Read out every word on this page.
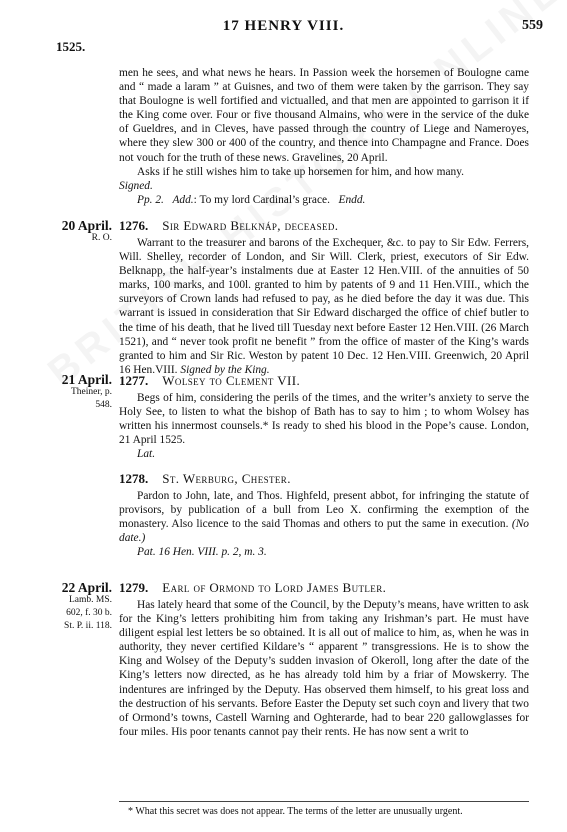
17 HENRY VIII.	559
1525.

men he sees, and what news he hears. In Passion week the horsemen of Boulogne came and “ made a laram ” at Guisnes, and two of them were taken by the garrison. They say that Boulogne is well fortified and victualled, and that men are appointed to garrison it if the King come over. Four or five thousand Almains, who were in the service of the duke of Gueldres, and in Cleves, have passed through the country of Liege and Nameroyes, where they slew 300 or 400 of the country, and thence into Champagne and France. Does not vouch for the truth of these news. Gravelines, 20 April.

Asks if he still wishes him to take up horsemen for him, and how many.
Signed.

Pp. 2. Add.: To my lord Cardinal’s grace. Endd.

20 April.
R. O.
1276. Sir Edward Belknáp, deceased.

Warrant to the treasurer and barons of the Exchequer, &c. to pay to Sir Edw. Ferrers, Will. Shelley, recorder of London, and Sir Will. Clerk, priest, executors of Sir Edw. Belknapp, the half-year’s instalments due at Easter 12 Hen.VIII. of the annuities of 50 marks, 100 marks, and 100l. granted to him by patents of 9 and 11 Hen.VIII., which the surveyors of Crown lands had refused to pay, as he died before the day it was due. This warrant is issued in consideration that Sir Edward discharged the office of chief butler to the time of his death, that he lived till Tuesday next before Easter 12 Hen.VIII. (26 March 1521), and “ never took profit ne benefit ” from the office of master of the King’s wards granted to him and Sir Ric. Weston by patent 10 Dec. 12 Hen.VIII. Greenwich, 20 April 16 Hen.VIII. Signed by the King.

21 April.
Theiner, p. 548.
1277. Wolsey to Clement VII.

Begs of him, considering the perils of the times, and the writer’s anxiety to serve the Holy See, to listen to what the bishop of Bath has to say to him ; to whom Wolsey has written his innermost counsels.* Is ready to shed his blood in the Pope’s cause. London, 21 April 1525.

Lat.

1278. St. Werburg, Chester.

Pardon to John, late, and Thos. Highfeld, present abbot, for infringing the statute of provisors, by publication of a bull from Leo X. confirming the exemption of the monastery. Also licence to the said Thomas and others to put the same in execution. (No date.)

Pat. 16 Hen. VIII. p. 2, m. 3.

22 April.
Lamb. MS.
602, f. 30 b.
St. P. ii. 118.
1279. Earl of Ormond to Lord James Butler.

Has lately heard that some of the Council, by the Deputy’s means, have written to ask for the King’s letters prohibiting him from taking any Irishman’s part. He must have diligent espial lest letters be so obtained. It is all out of malice to him, as, when he was in authority, they never certified Kildare’s “ apparent ” transgressions. He is to show the King and Wolsey of the Deputy’s sudden invasion of Okeroll, long after the date of the King’s letters now directed, as he has already told him by a friar of Mowskerry. The indentures are infringed by the Deputy. Has observed them himself, to his great loss and the destruction of his servants. Before Easter the Deputy set such coyn and livery that two of Ormond’s towns, Castell Warning and Oghterarde, had to bear 220 gallowglasses for four miles. His poor tenants cannot pay their rents. He has now sent a writ to

* What this secret was does not appear. The terms of the letter are unusually urgent.
